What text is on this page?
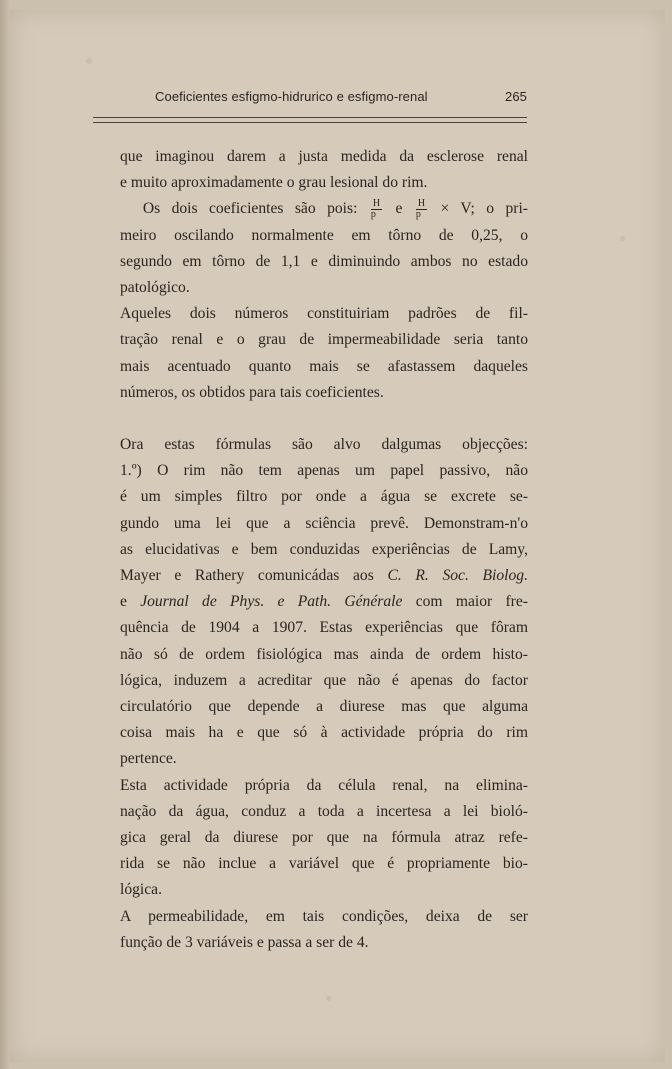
Coeficientes esfigmo-hidrurico e esfigmo-renal	265
que imaginou darem a justa medida da esclerose renal
e muito aproximadamente o grau lesional do rim.
Os dois coeficientes são pois: $\frac{H}{p}$ e $\frac{H}{p} \times V$; o pri-
meiro oscilando normalmente em tôrno de 0,25, o
segundo em tôrno de 1,1 e diminuindo ambos no estado
patológico.
Aqueles dois números constituiriam padrões de fil-
tração renal e o grau de impermeabilidade seria tanto
mais acentuado quanto mais se afastassem daqueles
números, os obtidos para tais coeficientes.
Ora estas fórmulas são alvo dalgumas objecções:
1.º) O rim não tem apenas um papel passivo, não
é um simples filtro por onde a água se excrete se-
gundo uma lei que a sciência prevê. Demonstram-n'o
as elucidativas e bem conduzidas experiências de Lamy,
Mayer e Rathery comunicádas aos C. R. Soc. Biolog.
e Journal de Phys. e Path. Générale com maior fre-
quência de 1904 a 1907. Estas experiências que fôram
não só de ordem fisiológica mas ainda de ordem histo-
lógica, induzem a acreditar que não é apenas do factor
circulatório que depende a diurese mas que alguma
coisa mais ha e que só à actividade própria do rim
pertence.
Esta actividade própria da célula renal, na elimina-
nação da água, conduz a toda a incertesa a lei bioló-
gica geral da diurese por que na fórmula atraz refe-
rida se não inclue a variável que é propriamente bio-
lógica.
A permeabilidade, em tais condições, deixa de ser
função de 3 variáveis e passa a ser de 4.
